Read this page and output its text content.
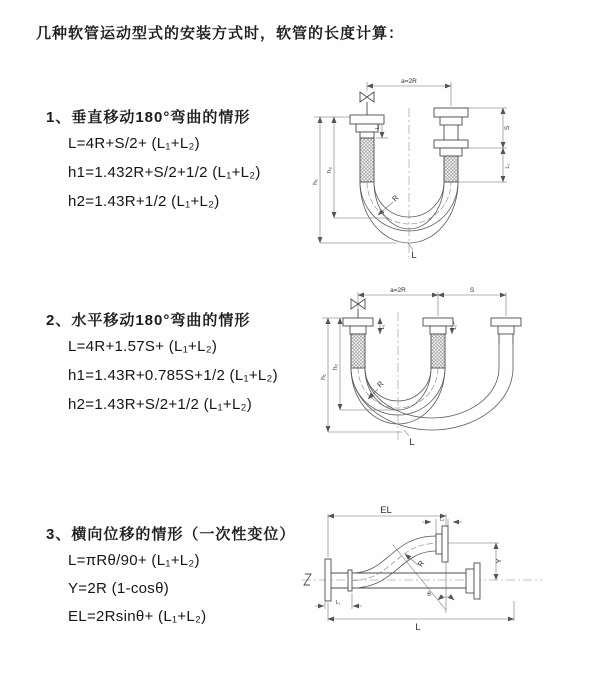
几种软管运动型式的安装方式时，软管的长度计算：
1、垂直移动180°弯曲的情形
L=4R+S/2+ (L₁+L₂)
h1=1.432R+S/2+1/2 (L₁+L₂)
h2=1.43R+1/2 (L₁+L₂)
a=2R
h₁
h₂
L₁	S
L₂
R
L
2、水平移动180°弯曲的情形
L=4R+1.57S+ (L₁+L₂)
h1=1.43R+0.785S+1/2 (L₁+L₂)
h2=1.43R+S/2+1/2 (L₁+L₂)
a=2R	S
h₁
h₂
L₁	L₂
R
L
3、横向位移的情形（一次性变位）
L=πRθ/90+ (L₁+L₂)
Y=2R (1-cosθ)
EL=2Rsinθ+ (L₁+L₂)
EL
L
L₁
L₂
Y
R
θ
